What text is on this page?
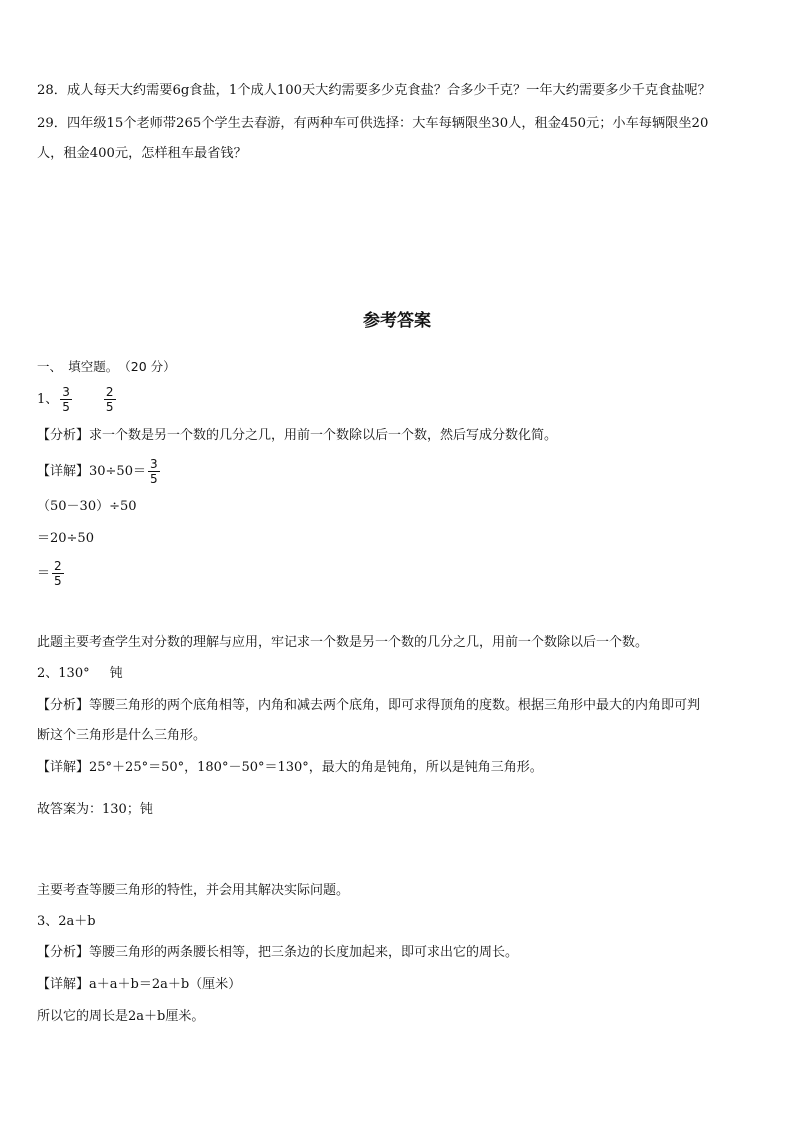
28．成人每天大约需要6g食盐，1个成人100天大约需要多少克食盐？合多少千克？一年大约需要多少千克食盐呢？
29．四年级15个老师带265个学生去春游，有两种车可供选择：大车每辆限坐30人，租金450元；小车每辆限坐20
人，租金400元，怎样租车最省钱？
参考答案
一、　填空题。　（20 分）
1、 $\frac{3}{5}$	$\frac{2}{5}$
【分析】求一个数是另一个数的几分之几，用前一个数除以后一个数，然后写成分数化简。
【详解】$30\div 50= \frac{3}{5}$
（50－30）÷50
＝20÷50
＝ $\frac{2}{5}$
此题主要考查学生对分数的理解与应用，牢记求一个数是另一个数的几分之几，用前一个数除以后一个数。
2、130° 钝
【分析】等腰三角形的两个底角相等，内角和减去两个底角，即可求得顶角的度数。根据三角形中最大的内角即可判
断这个三角形是什么三角形。
【详解】25°＋25°＝50°，180°－50°＝130°，最大的角是钝角，所以是钝角三角形。
故答案为：130；钝
主要考查等腰三角形的特性，并会用其解决实际问题。
3、2a＋b
【分析】等腰三角形的两条腰长相等，把三条边的长度加起来，即可求出它的周长。
【详解】a＋a＋b＝2a＋b（厘米）
所以它的周长是2a＋b厘米。
